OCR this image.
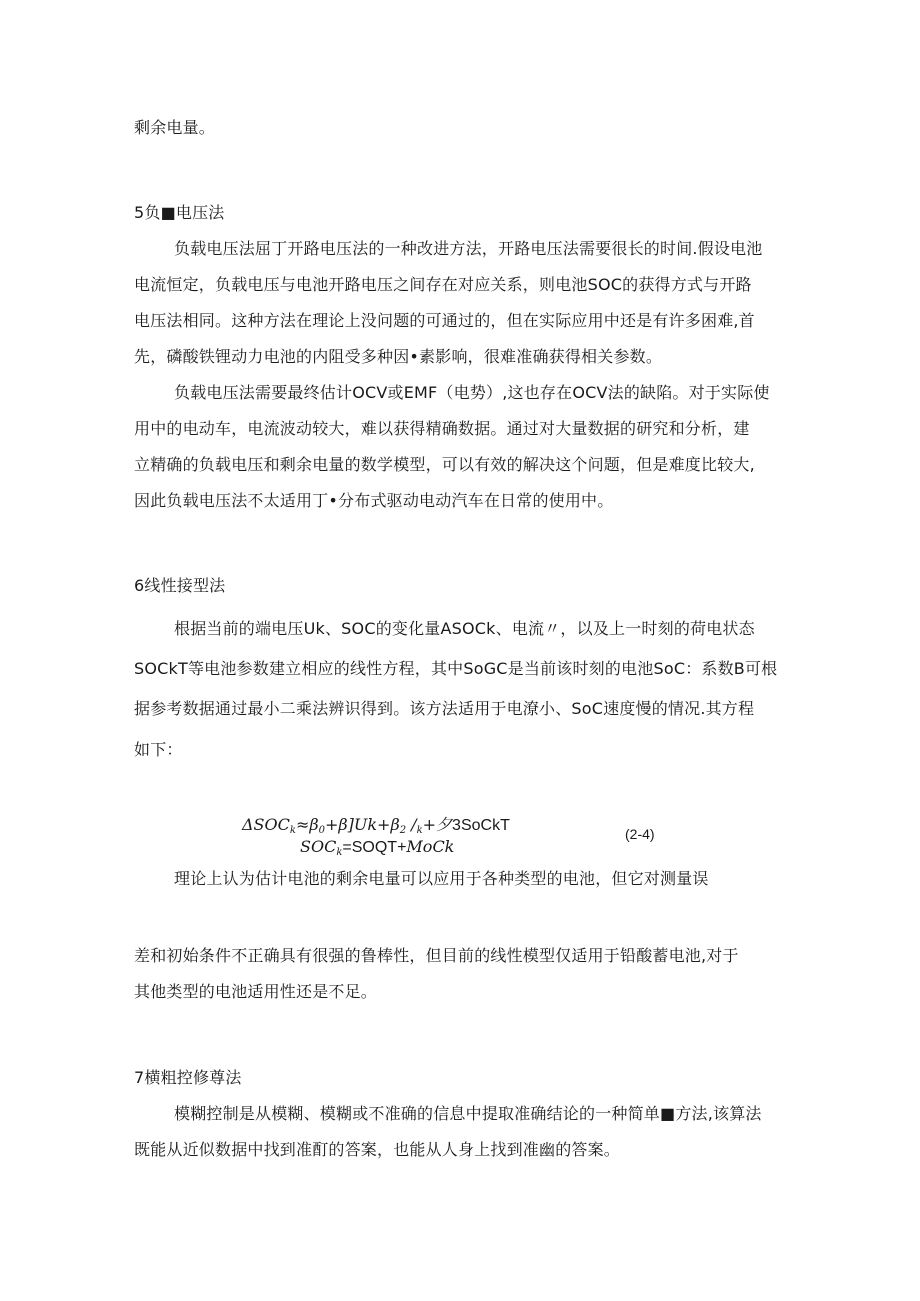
剩余电量。
5负■电压法
负载电压法屈丁开路电压法的一种改进方法，开路电压法需要很长的时间.假设电池
电流恒定，负载电压与电池开路电压之间存在对应关系，则电池SOC的获得方式与开路
电压法相同。这种方法在理论上没问题的可通过的，但在实际应用中还是有许多困难,首
先，磷酸铁锂动力电池的内阻受多种因•素影响，很难准确获得相关参数。
负载电压法需要最终估计OCV或EMF（电势）,这也存在OCV法的缺陷。对于实际使
用中的电动车，电流波动较大，难以获得精确数据。通过对大量数据的研究和分析，建
立精确的负载电压和剩余电量的数学模型，可以有效的解决这个问题，但是难度比较大,
因此负载电压法不太适用丁•分布式驱动电动汽车在日常的使用中。
6线性接型法
根据当前的端电压Uk、SOC的变化量ASOCk、电流〃，以及上一时刻的荷电状态
SOCkT等电池参数建立相应的线性方程，其中SoGC是当前该时刻的电池SoC：系数B可根
据参考数据通过最小二乘法辨识得到。该方法适用于电潦小、SoC速度慢的情况.其方程
如下：
$\Delta SOC_k\approx\beta_0+\beta]Uk+\beta_2$ $/_k+$夕3SoCkT
$SOC_k=SOQT+MoCk$
(2-4)
理论上认为估计电池的剩余电量可以应用于各种类型的电池，但它对测量误
差和初始条件不正确具有很强的鲁棒性，但目前的线性模型仅适用于铅酸蓄电池,对于
其他类型的电池适用性还是不足。
7横粗控修尊法
模糊控制是从模糊、模糊或不准确的信息中提取准确结论的一种简单■方法,该算法
既能从近似数据中找到准酊的答案，也能从人身上找到准幽的答案。
